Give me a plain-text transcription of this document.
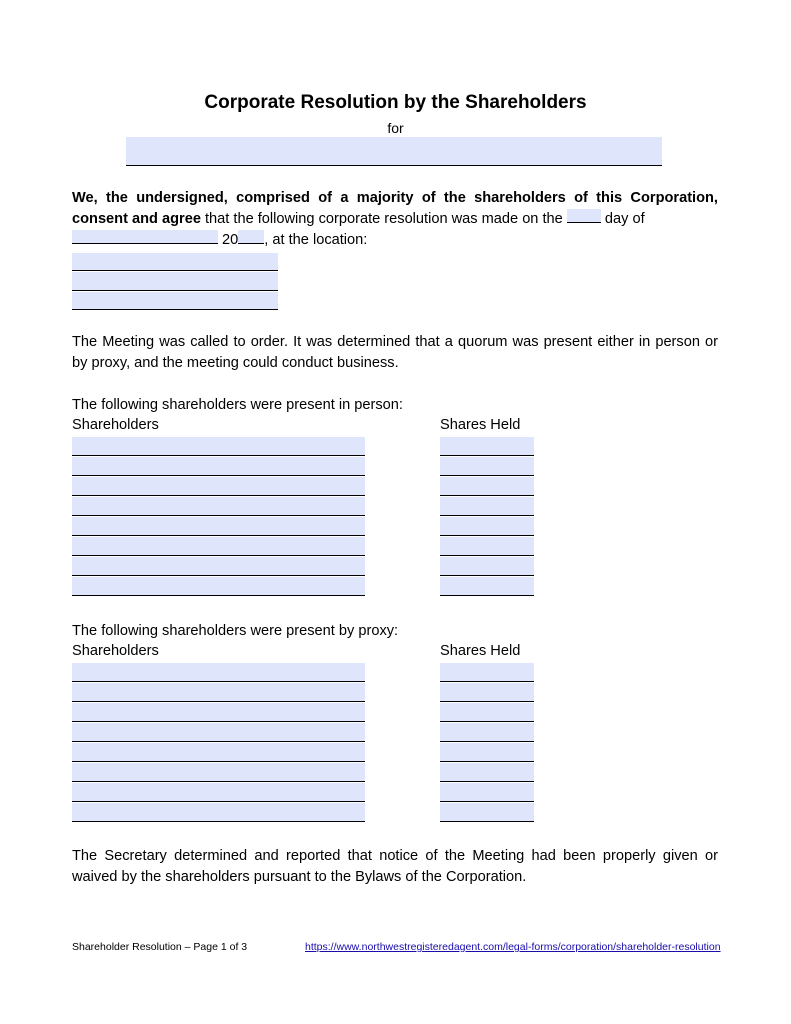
Corporate Resolution by the Shareholders
for
We, the undersigned, comprised of a majority of the shareholders of this Corporation, consent and agree that the following corporate resolution was made on the  day of
20 , at the location:
The Meeting was called to order. It was determined that a quorum was present either in person or by proxy, and the meeting could conduct business.
The following shareholders were present in person:
Shareholders	Shares Held
The following shareholders were present by proxy:
Shareholders	Shares Held
The Secretary determined and reported that notice of the Meeting had been properly given or waived by the shareholders pursuant to the Bylaws of the Corporation.
Shareholder Resolution – Page 1 of 3	https://www.northwestregisteredagent.com/legal-forms/corporation/shareholder-resolution
